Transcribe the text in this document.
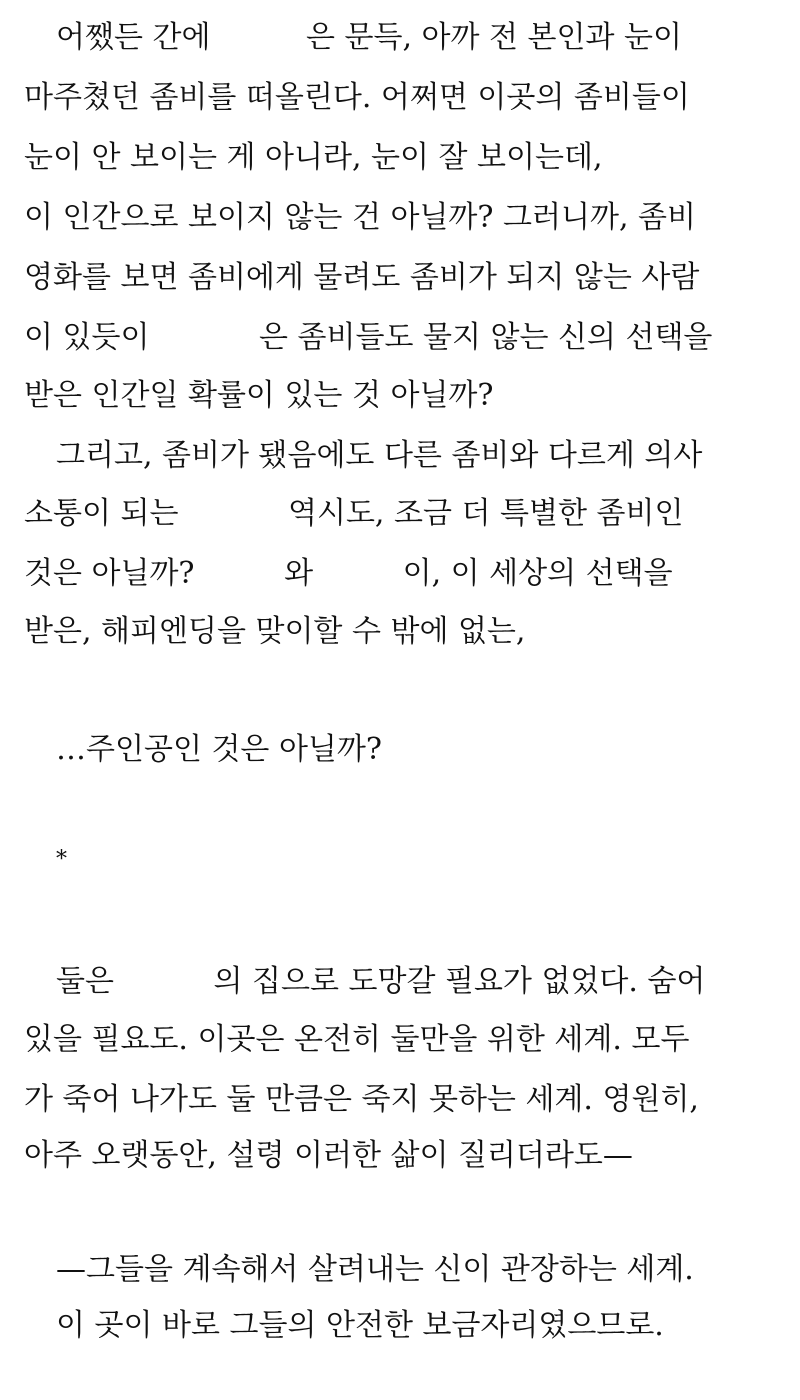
어쨌든 간에	은 문득, 아까 전 본인과 눈이
마주쳤던 좀비를 떠올린다. 어쩌면 이곳의 좀비들이
눈이 안 보이는 게 아니라, 눈이 잘 보이는데,
이 인간으로 보이지 않는 건 아닐까? 그러니까, 좀비
영화를 보면 좀비에게 물려도 좀비가 되지 않는 사람
이 있듯이	은 좀비들도 물지 않는 신의 선택을
받은 인간일 확률이 있는 것 아닐까?
그리고, 좀비가 됐음에도 다른 좀비와 다르게 의사
소통이 되는	역시도, 조금 더 특별한 좀비인
것은 아닐까?	와	이, 이 세상의 선택을
받은, 해피엔딩을 맞이할 수 밖에 없는,
…주인공인 것은 아닐까?
*
둘은	의 집으로 도망갈 필요가 없었다. 숨어
있을 필요도. 이곳은 온전히 둘만을 위한 세계. 모두
가 죽어 나가도 둘 만큼은 죽지 못하는 세계. 영원히,
아주 오랫동안, 설령 이러한 삶이 질리더라도—
—그들을 계속해서 살려내는 신이 관장하는 세계.
이 곳이 바로 그들의 안전한 보금자리였으므로.
